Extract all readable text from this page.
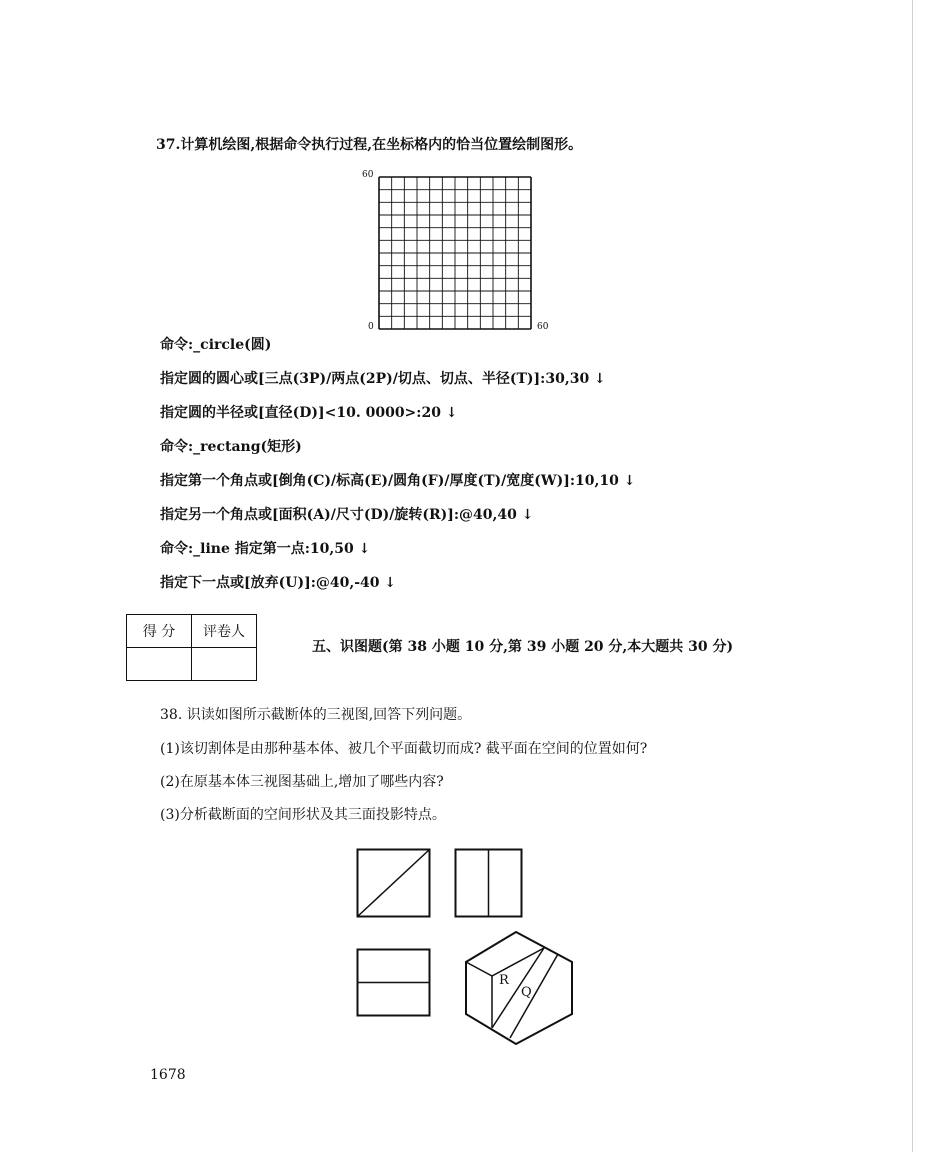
37.计算机绘图,根据命令执行过程,在坐标格内的恰当位置绘制图形。
60
0	60
命令:_circle(圆)
指定圆的圆心或[三点(3P)/两点(2P)/切点、切点、半径(T)]:30,30 ↓
指定圆的半径或[直径(D)]<10. 0000>:20 ↓
命令:_rectang(矩形)
指定第一个角点或[倒角(C)/标高(E)/圆角(F)/厚度(T)/宽度(W)]:10,10 ↓
指定另一个角点或[面积(A)/尺寸(D)/旋转(R)]:@40,40 ↓
命令:_line 指定第一点:10,50 ↓
指定下一点或[放弃(U)]:@40,-40 ↓
得 分	评卷人

五、识图题(第 38 小题 10 分,第 39 小题 20 分,本大题共 30 分)
38. 识读如图所示截断体的三视图,回答下列问题。
(1)该切割体是由那种基本体、被几个平面截切而成? 截平面在空间的位置如何?
(2)在原基本体三视图基础上,增加了哪些内容?
(3)分析截断面的空间形状及其三面投影特点。
R
Q
1678
